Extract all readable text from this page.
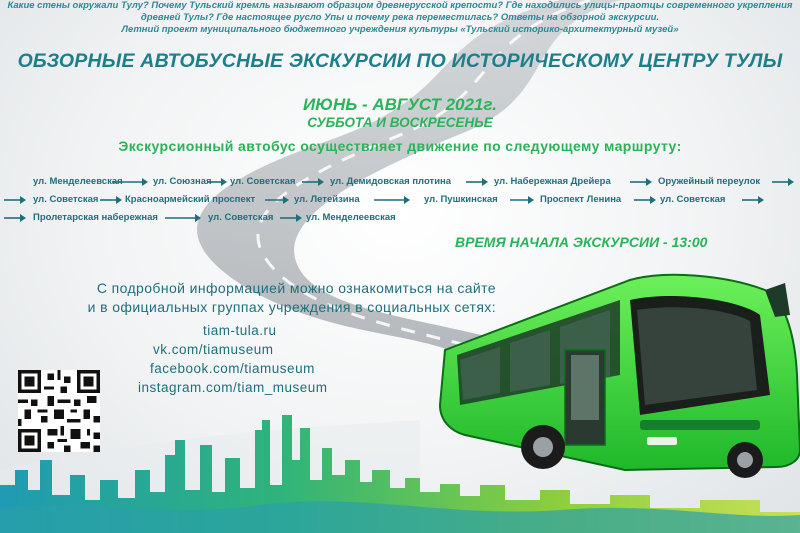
Какие стены окружали Тулу? Почему Тульский кремль называют образцом древнерусской крепости? Где находились улицы-праотцы современного укрепления
древней Тулы? Где настоящее русло Упы и почему река переместилась? Ответы на обзорной экскурсии.
Летний проект муниципального бюджетного учреждения культуры «Тульский историко-архитектурный музей»
ОБЗОРНЫЕ АВТОБУСНЫЕ ЭКСКУРСИИ ПО ИСТОРИЧЕСКОМУ ЦЕНТРУ ТУЛЫ
ИЮНЬ - АВГУСТ 2021г.
СУББОТА И ВОСКРЕСЕНЬЕ
Экскурсионный автобус осуществляет движение по следующему маршруту:
ул. Менделеевская	ул. Союзная ул. Советская	ул. Демидовская плотина	ул. Набережная Дрейера	Оружейный переулок
ул. Советская	Красноармейский проспект	ул. Летейзина	ул. Пушкинская	Проспект Ленина	ул. Советская
Пролетарская набережная	ул. Советская	ул. Менделеевская
ВРЕМЯ НАЧАЛА ЭКСКУРСИИ - 13:00
С подробной информацией можно ознакомиться на сайте
и в официальных группах учреждения в социальных сетях:
tiam-tula.ru
vk.com/tiamuseum
facebook.com/tiamuseum
instagram.com/tiam_museum
